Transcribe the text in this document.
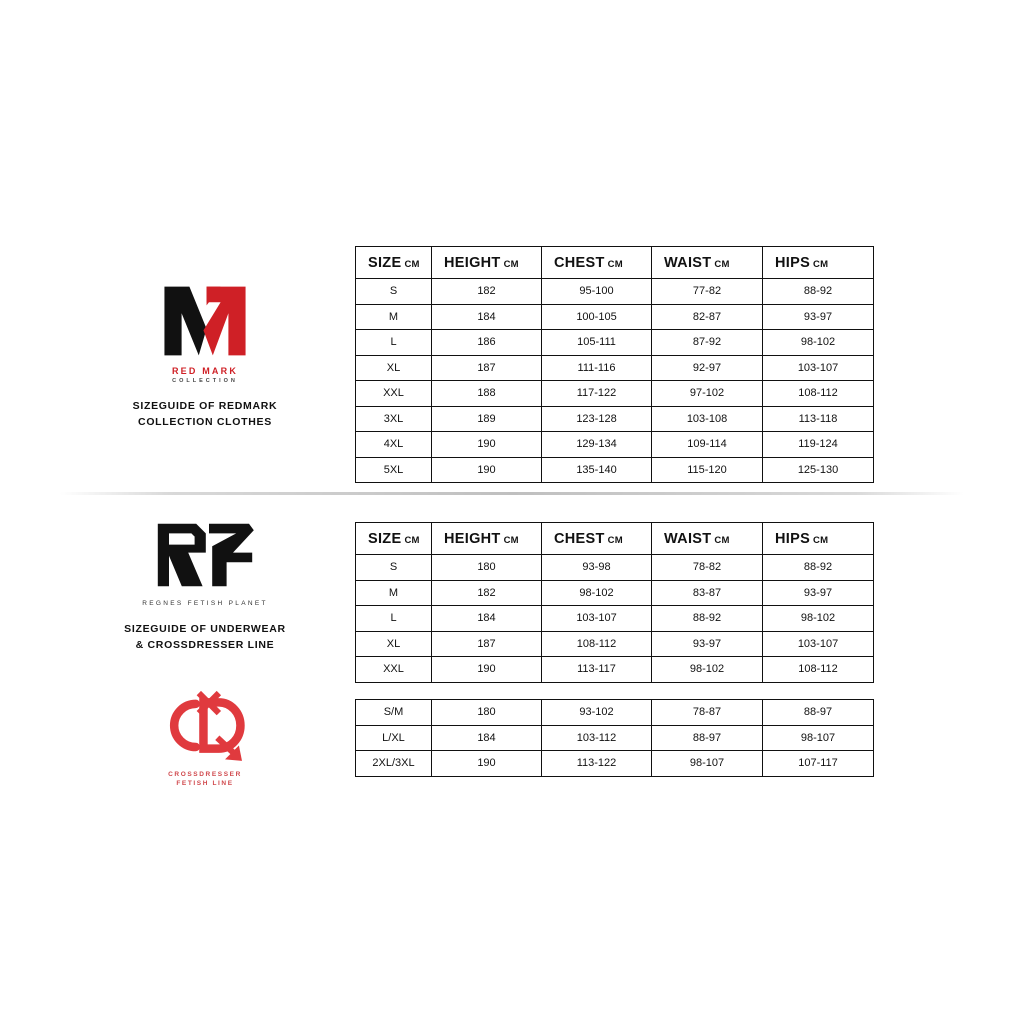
RED MARK
COLLECTION
SIZEGUIDE OF REDMARK
COLLECTION CLOTHES
SIZE CM	HEIGHT CM	CHEST CM	WAIST CM	HIPS CM
S	182	95-100	77-82	88-92
M	184	100-105	82-87	93-97
L	186	105-111	87-92	98-102
XL	187	111-116	92-97	103-107
XXL	188	117-122	97-102	108-112
3XL	189	123-128	103-108	113-118
4XL	190	129-134	109-114	119-124
5XL	190	135-140	115-120	125-130
REGNES FETISH PLANET
SIZEGUIDE OF UNDERWEAR
& CROSSDRESSER LINE
CROSSDRESSER
FETISH LINE
SIZE CM	HEIGHT CM	CHEST CM	WAIST CM	HIPS CM
S	180	93-98	78-82	88-92
M	182	98-102	83-87	93-97
L	184	103-107	88-92	98-102
XL	187	108-112	93-97	103-107
XXL	190	113-117	98-102	108-112
S/M	180	93-102	78-87	88-97
L/XL	184	103-112	88-97	98-107
2XL/3XL	190	113-122	98-107	107-117
